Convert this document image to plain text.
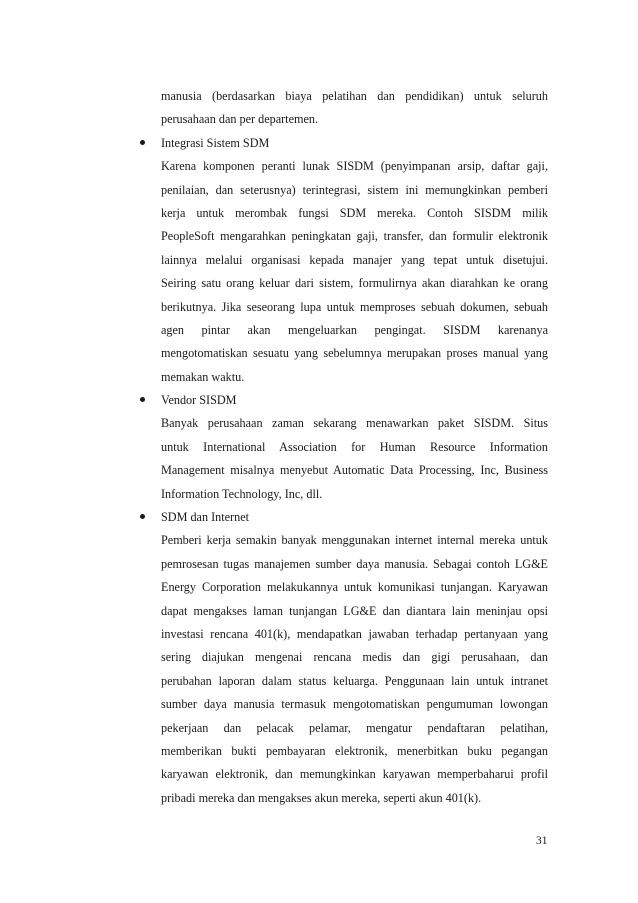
manusia (berdasarkan biaya pelatihan dan pendidikan) untuk seluruh
perusahaan dan per departemen.
Integrasi Sistem SDM
Karena komponen peranti lunak SISDM (penyimpanan arsip, daftar gaji,
penilaian, dan seterusnya) terintegrasi, sistem ini memungkinkan pemberi
kerja untuk merombak fungsi SDM mereka. Contoh SISDM milik
PeopleSoft mengarahkan peningkatan gaji, transfer, dan formulir elektronik
lainnya melalui organisasi kepada manajer yang tepat untuk disetujui.
Seiring satu orang keluar dari sistem, formulirnya akan diarahkan ke orang
berikutnya. Jika seseorang lupa untuk memproses sebuah dokumen, sebuah
agen pintar akan mengeluarkan pengingat. SISDM karenanya
mengotomatiskan sesuatu yang sebelumnya merupakan proses manual yang
memakan waktu.
Vendor SISDM
Banyak perusahaan zaman sekarang menawarkan paket SISDM. Situs
untuk International Association for Human Resource Information
Management misalnya menyebut Automatic Data Processing, Inc, Business
Information Technology, Inc, dll.
SDM dan Internet
Pemberi kerja semakin banyak menggunakan internet internal mereka untuk
pemrosesan tugas manajemen sumber daya manusia. Sebagai contoh LG&E
Energy Corporation melakukannya untuk komunikasi tunjangan. Karyawan
dapat mengakses laman tunjangan LG&E dan diantara lain meninjau opsi
investasi rencana 401(k), mendapatkan jawaban terhadap pertanyaan yang
sering diajukan mengenai rencana medis dan gigi perusahaan, dan
perubahan laporan dalam status keluarga. Penggunaan lain untuk intranet
sumber daya manusia termasuk mengotomatiskan pengumuman lowongan
pekerjaan dan pelacak pelamar, mengatur pendaftaran pelatihan,
memberikan bukti pembayaran elektronik, menerbitkan buku pegangan
karyawan elektronik, dan memungkinkan karyawan memperbaharui profil
pribadi mereka dan mengakses akun mereka, seperti akun 401(k).
31
